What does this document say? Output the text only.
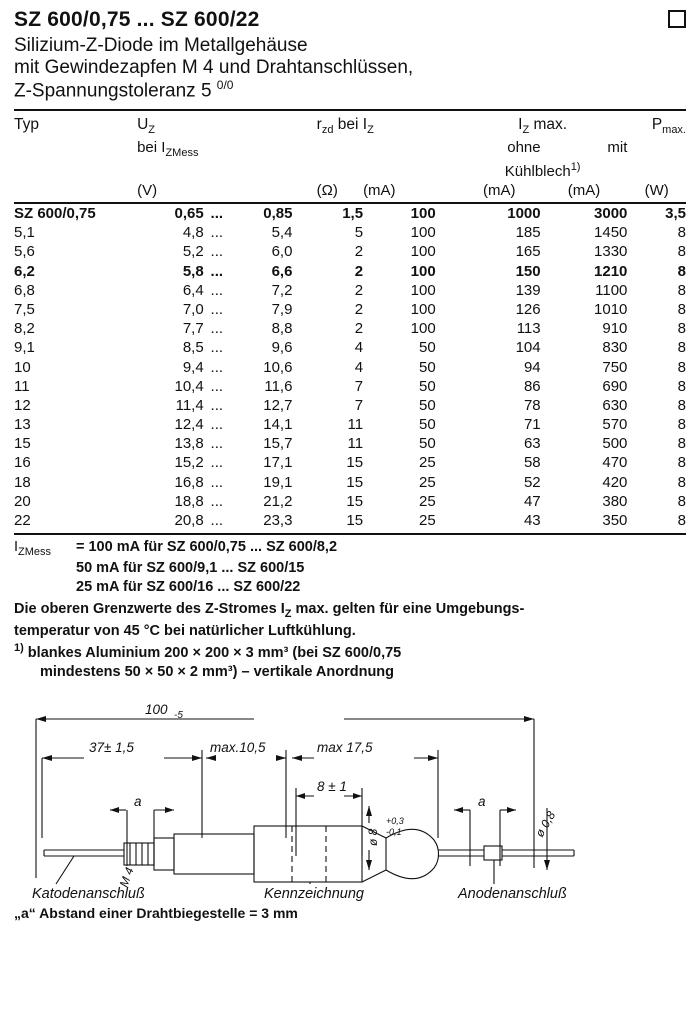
SZ 600/0,75 ... SZ 600/22
Silizium-Z-Diode im Metallgehäuse
mit Gewindezapfen M 4 und Drahtanschlüssen,
Z-Spannungstoleranz 5 $^{0/0}$
Typ	$U_Z$				$r_{zd}$ bei $I_Z$			$I_Z$ max.		$P_{max.}$
	bei $I_{ZMess}$							ohne	mit	
								Kühlblech$^{1)}$	
	(V)				(Ω)	(mA)		(mA)	(mA)	(W)

SZ 600/0,75	0,65	...	0,85		1,5	100		1000	3000	3,5
5,1	4,8	...	5,4		5	100		185	1450	8
5,6	5,2	...	6,0		2	100		165	1330	8
6,2	5,8	...	6,6		2	100		150	1210	8
6,8	6,4	...	7,2		2	100		139	1100	8
7,5	7,0	...	7,9		2	100		126	1010	8
8,2	7,7	...	8,8		2	100		113	910	8
9,1	8,5	...	9,6		4	50		104	830	8
10	9,4	...	10,6		4	50		94	750	8
11	10,4	...	11,6		7	50		86	690	8
12	11,4	...	12,7		7	50		78	630	8
13	12,4	...	14,1		11	50		71	570	8
15	13,8	...	15,7		11	50		63	500	8
16	15,2	...	17,1		15	25		58	470	8
18	16,8	...	19,1		15	25		52	420	8
20	18,8	...	21,2		15	25		47	380	8
22	20,8	...	23,3		15	25		43	350	8
$I_{ZMess}$	= 100 mA für SZ 600/0,75 ... SZ 600/8,2
50 mA für SZ 600/9,1 ... SZ 600/15
25 mA für SZ 600/16 ... SZ 600/22
Die oberen Grenzwerte des Z-Stromes $I_Z$ max. gelten für eine Umgebungs-
temperatur von 45 °C bei natürlicher Luftkühlung.
$^{1)}$ blankes Aluminium 200 × 200 × 3 mm³ (bei SZ 600/0,75
mindestens 50 × 50 × 2 mm³) – vertikale Anordnung
100 -5
37± 1,5	max.10,5	max 17,5
8 ± 1
a	a
ø 8
+0,3
-0,1	ø 0,8
M 4
Katodenanschluß	Kennzeichnung	Anodenanschluß
„a“ Abstand einer Drahtbiegestelle = 3 mm
